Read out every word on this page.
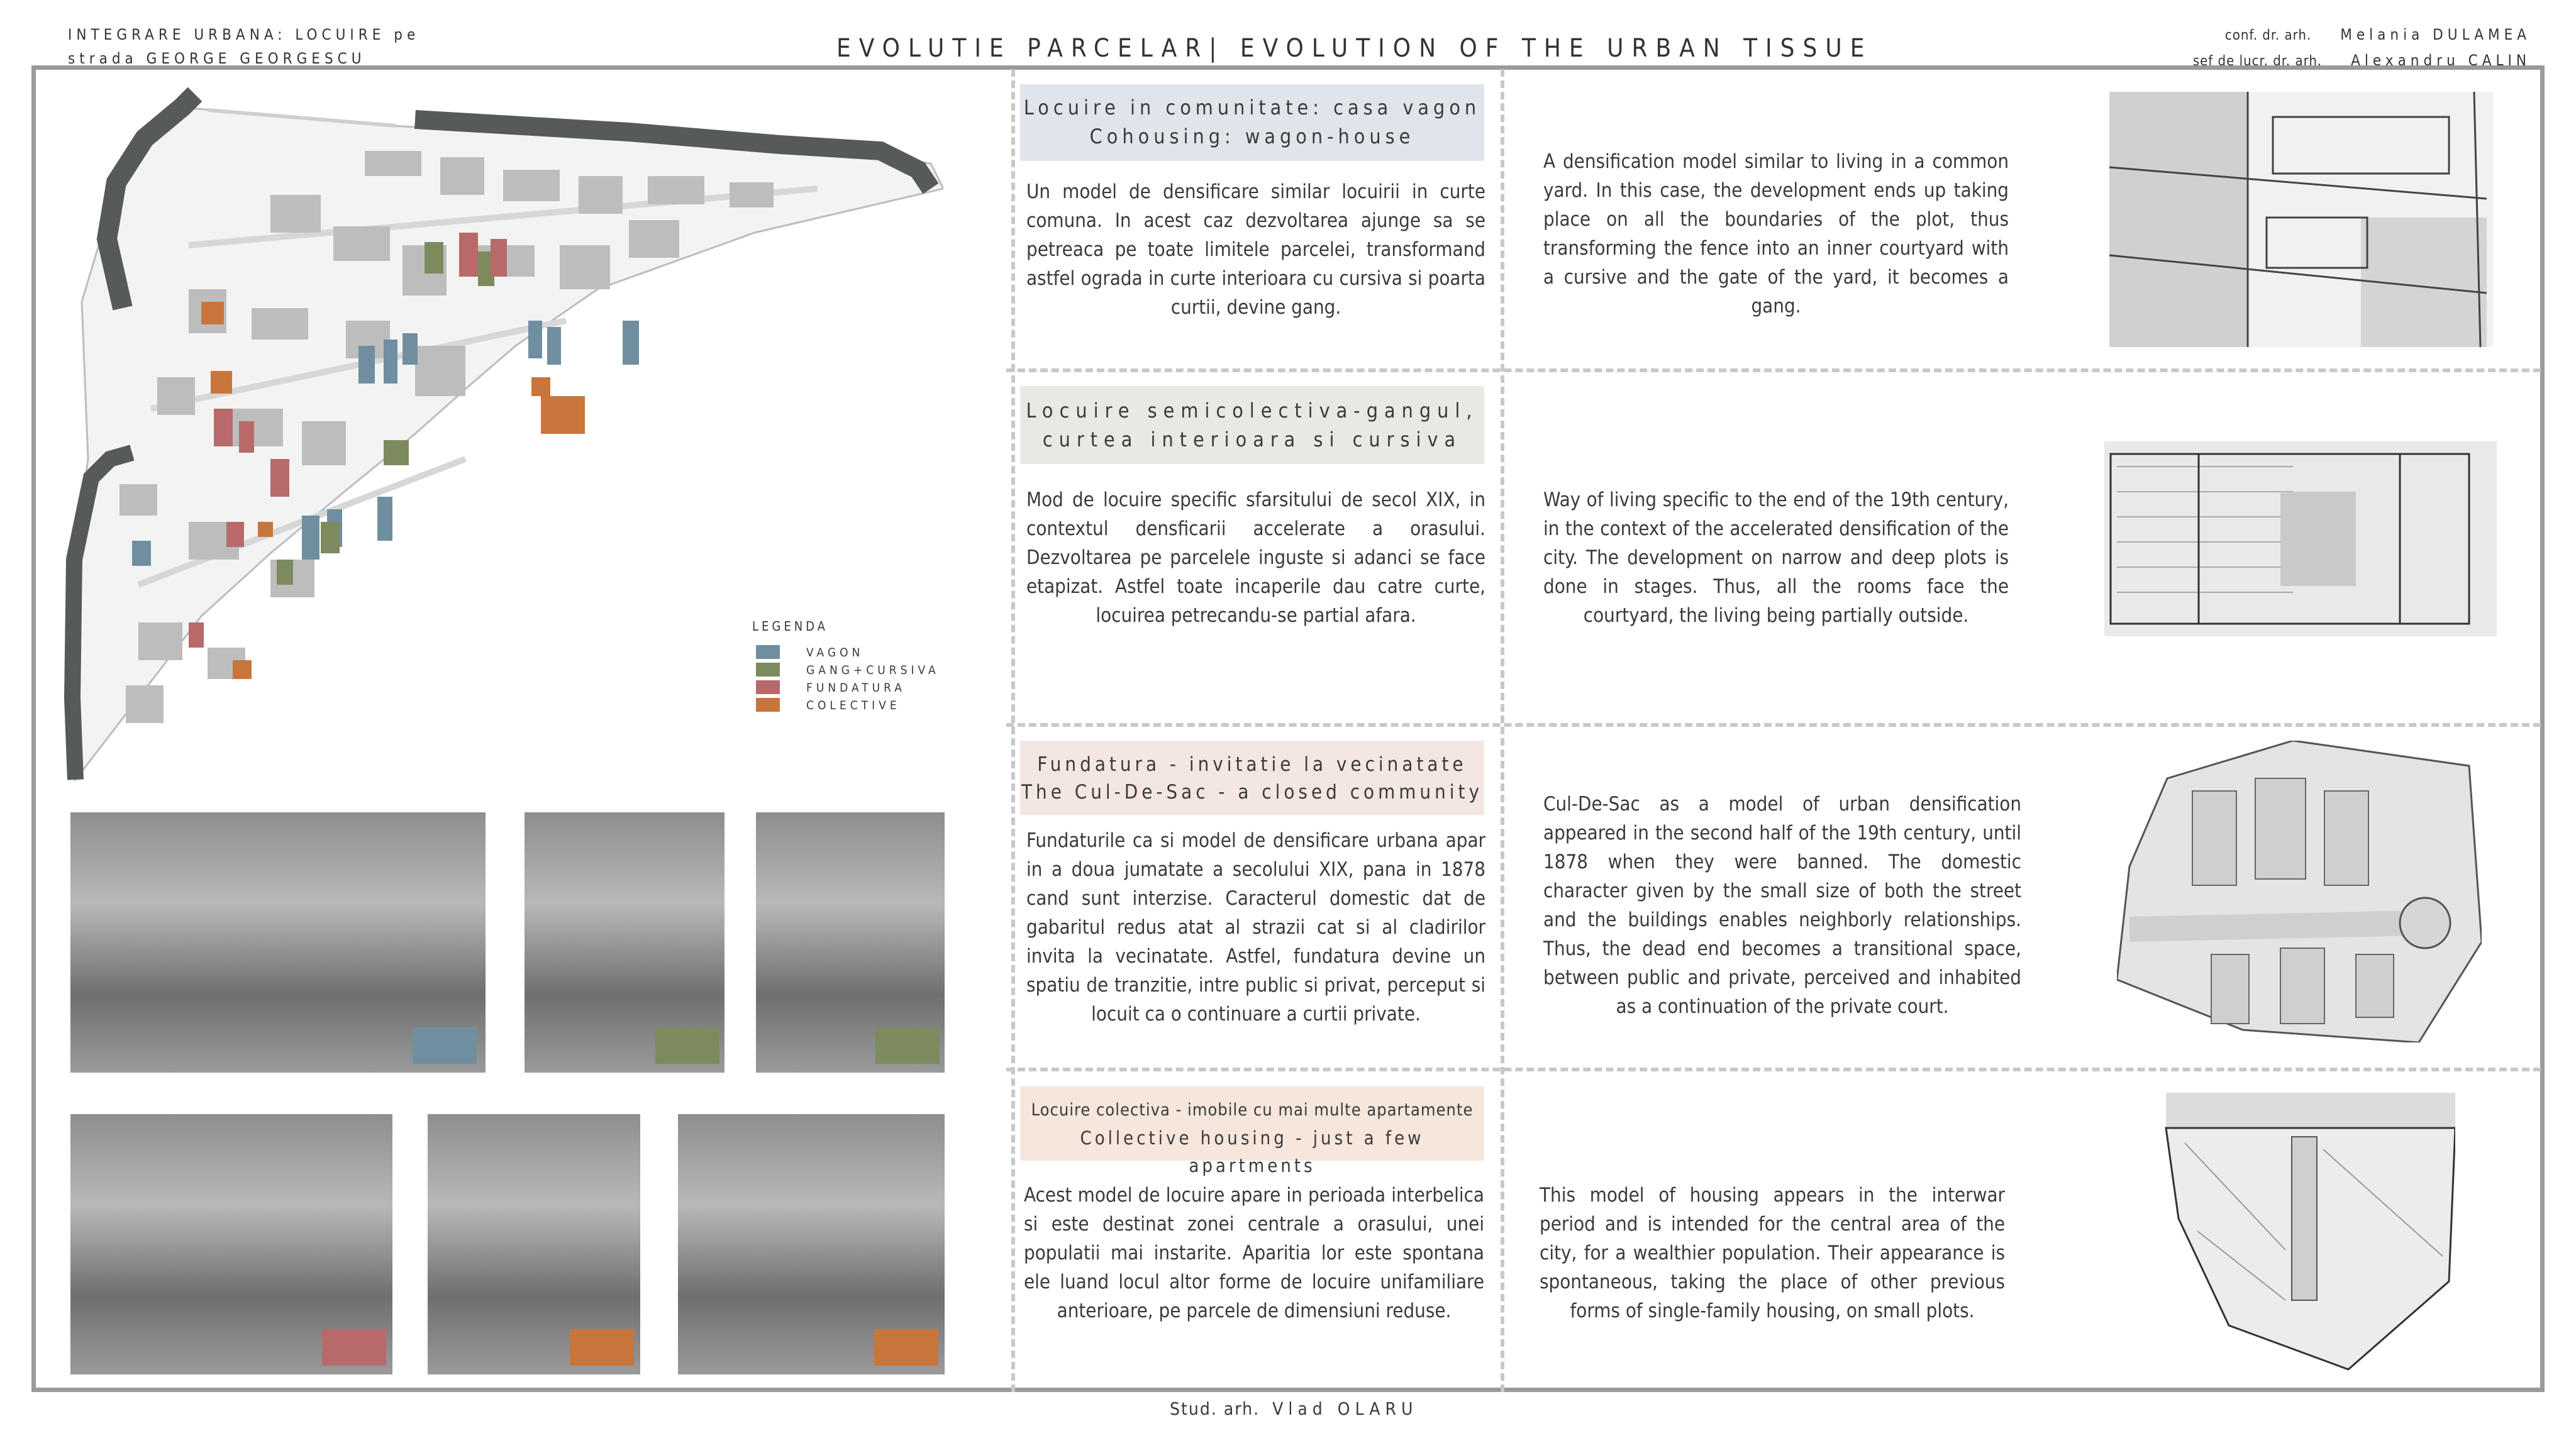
INTEGRARE URBANA: LOCUIRE pe
strada GEORGE GEORGESCU	EVOLUTIE PARCELAR| EVOLUTION OF THE URBAN TISSUE	conf. dr. arh. Melania DULAMEA
sef de lucr. dr. arh. Alexandru CALIN
LEGENDA
VAGON
GANG+CURSIVA
FUNDATURA
COLECTIVE
Locuire in comunitate: casa vagon
Cohousing: wagon-house
Un model de densificare similar locuirii in curte comuna. In acest caz dezvoltarea ajunge sa se petreaca pe toate limitele parcelei, transformand astfel ograda in curte interioara cu cursiva si poarta curtii, devine gang.
A densification model similar to living in a common yard. In this case, the development ends up taking place on all the boundaries of the plot, thus transforming the fence into an inner courtyard with a cursive and the gate of the yard, it becomes a gang.
Locuire semicolectiva-gangul,
curtea interioara si cursiva
Mod de locuire specific sfarsitului de secol XIX, in contextul densficarii accelerate a orasului. Dezvoltarea pe parcelele inguste si adanci se face etapizat. Astfel toate incaperile dau catre curte, locuirea petrecandu-se partial afara.
Way of living specific to the end of the 19th century, in the context of the accelerated densification of the city. The development on narrow and deep plots is done in stages. Thus, all the rooms face the courtyard, the living being partially outside.
Fundatura - invitatie la vecinatate
The Cul-De-Sac - a closed community
Fundaturile ca si model de densificare urbana apar in a doua jumatate a secolului XIX, pana in 1878 cand sunt interzise. Caracterul domestic dat de gabaritul redus atat al strazii cat si al cladirilor invita la vecinatate. Astfel, fundatura devine un spatiu de tranzitie, intre public si privat, perceput si locuit ca o continuare a curtii private.
Cul-De-Sac as a model of urban densification appeared in the second half of the 19th century, until 1878 when they were banned. The domestic character given by the small size of both the street and the buildings enables neighborly relationships. Thus, the dead end becomes a transitional space, between public and private, perceived and inhabited as a continuation of the private court.
Locuire colectiva - imobile cu mai multe apartamente
Collective housing - just a few apartments
Acest model de locuire apare in perioada interbelica si este destinat zonei centrale a orasului, unei populatii mai instarite. Aparitia lor este spontana ele luand locul altor forme de locuire unifamiliare anterioare, pe parcele de dimensiuni reduse.
This model of housing appears in the interwar period and is intended for the central area of the city, for a wealthier population. Their appearance is spontaneous, taking the place of other previous forms of single-family housing, on small plots.
Stud. arh. Vlad OLARU
